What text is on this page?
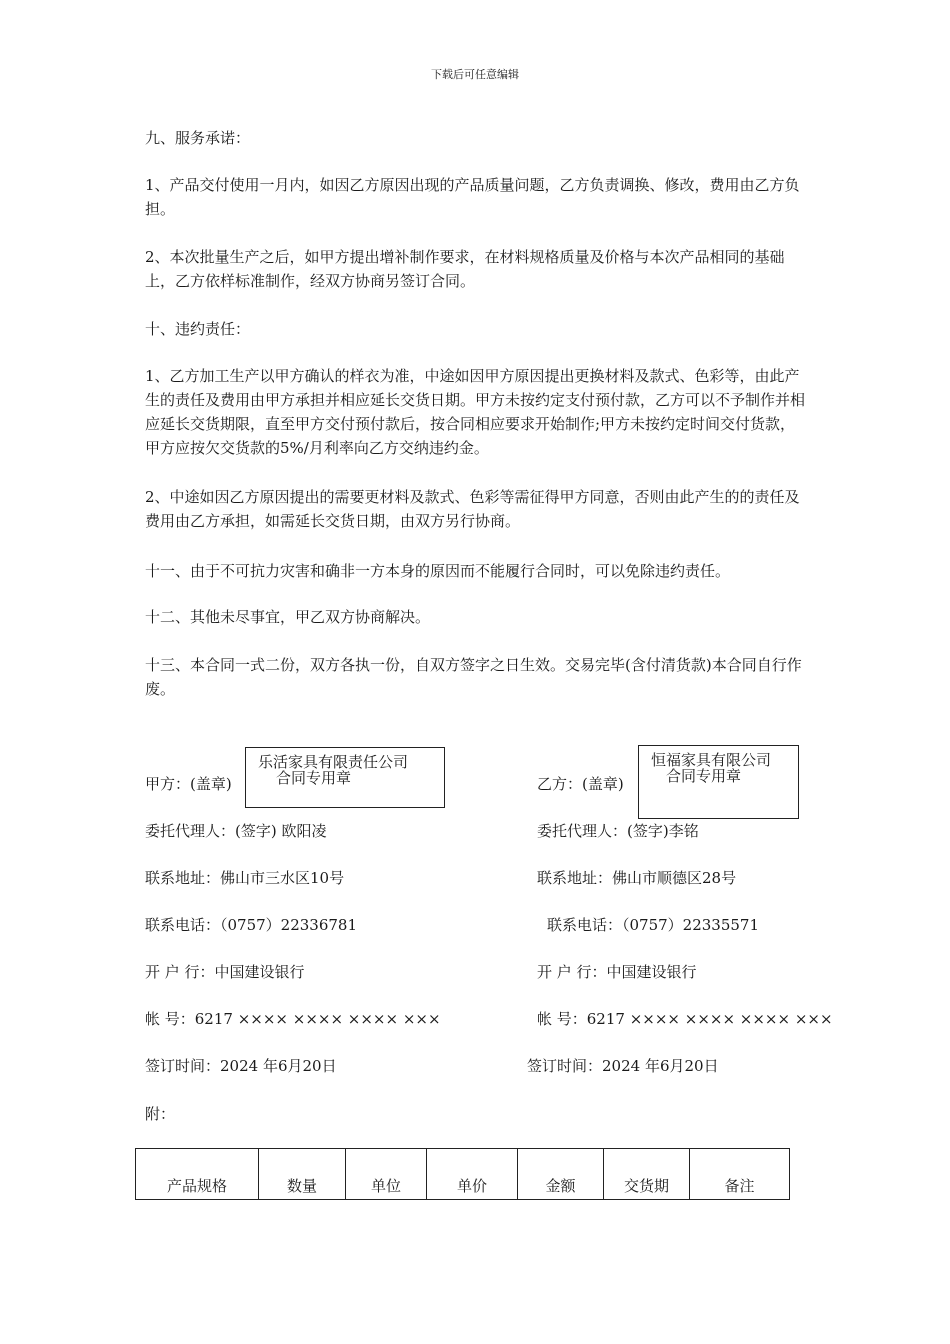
下载后可任意编辑

九、服务承诺：

1、产品交付使用一月内，如因乙方原因出现的产品质量问题，乙方负责调换、修改，费用由乙方负担。

2、本次批量生产之后，如甲方提出增补制作要求，在材料规格质量及价格与本次产品相同的基础上，乙方依样标准制作，经双方协商另签订合同。

十、违约责任：

1、乙方加工生产以甲方确认的样衣为准，中途如因甲方原因提出更换材料及款式、色彩等，由此产生的责任及费用由甲方承担并相应延长交货日期。甲方未按约定支付预付款，乙方可以不予制作并相应延长交货期限，直至甲方交付预付款后，按合同相应要求开始制作;甲方未按约定时间交付货款，甲方应按欠交货款的5%/月利率向乙方交纳违约金。

2、中途如因乙方原因提出的需要更材料及款式、色彩等需征得甲方同意，否则由此产生的的责任及费用由乙方承担，如需延长交货日期，由双方另行协商。

十一、由于不可抗力灾害和确非一方本身的原因而不能履行合同时，可以免除违约责任。

十二、其他未尽事宜，甲乙双方协商解决。

十三、本合同一式二份，双方各执一份，自双方签字之日生效。交易完毕(含付清货款)本合同自行作废。

甲方：(盖章)
乐活家具有限责任公司
合同专用章
委托代理人：(签字) 欧阳凌
联系地址：佛山市三水区10号
联系电话：（0757）22336781
开 户 行：中国建设银行
帐 号：6217 ×××× ×××× ×××× ×××
签订时间：2024 年6月20日
乙方：(盖章)
恒福家具有限公司
合同专用章
委托代理人：(签字)李铭
联系地址：佛山市顺德区28号
联系电话：（0757）22335571
开 户 行：中国建设银行
帐 号：6217 ×××× ×××× ×××× ×××
签订时间：2024 年6月20日
附：
产品规格	数量	单位	单价	金额	交货期	备注
